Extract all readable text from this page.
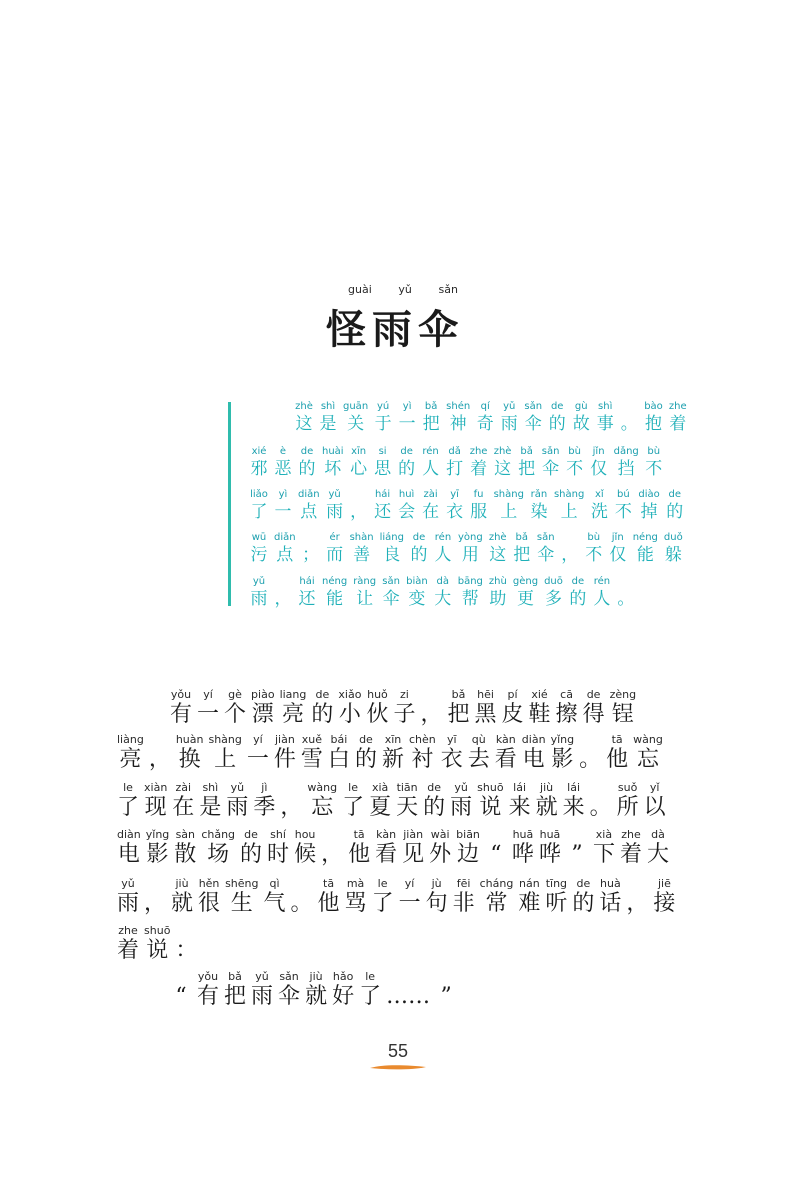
guài yǔ sǎn
怪雨伞
zhè
这
shì
是
guān
关
yú
于
yì
一
bǎ
把
shén
神
qí
奇
yǔ
雨
sǎn
伞
de
的
gù
故
shì
事 。
bào
抱
zhe
着
xié
邪
è
恶
de
的
huài
坏
xīn
心
si
思
de
的
rén
人
dǎ
打
zhe
着
zhè
这
bǎ
把
sǎn
伞
bù
不
jǐn
仅
dǎng
挡
bù
不
liǎo
了
yì
一
diǎn
点
yǔ
雨 ，
hái
还
huì
会
zài
在
yī
衣
fu
服
shàng
上
rǎn
染
shàng
上
xǐ
洗
bú
不
diào
掉
de
的
wū
污
diǎn
点 ；
ér
而
shàn
善
liáng
良
de
的
rén
人
yòng
用
zhè
这
bǎ
把
sǎn
伞 ，
bù
不
jǐn
仅
néng
能
duǒ
躲
yǔ
雨 ，
hái
还
néng
能
ràng
让
sǎn
伞
biàn
变
dà
大
bāng
帮
zhù
助
gèng
更
duō
多
de
的
rén
人 。
yǒu
有
yí
一
gè
个
piào
漂
liang
亮
de
的
xiǎo
小
huǒ
伙
zi
子 ，
bǎ
把
hēi
黑
pí
皮
xié
鞋
cā
擦
de
得
zèng
锃
liàng
亮 ，
huàn
换
shàng
上
yí
一
jiàn
件
xuě
雪
bái
白
de
的
xīn
新
chèn
衬
yī
衣
qù
去
kàn
看
diàn
电
yǐng
影 。
tā
他
wàng
忘
le
了
xiàn
现
zài
在
shì
是
yǔ
雨
jì
季 ，
wàng
忘
le
了
xià
夏
tiān
天
de
的
yǔ
雨
shuō
说
lái
来
jiù
就
lái
来 。
suǒ
所
yǐ
以
diàn
电
yǐng
影
sàn
散
chǎng
场
de
的
shí
时
hou
候 ，
tā
他
kàn
看
jiàn
见
wài
外
biān
边 “
huā
哗
huā
哗 ”
xià
下
zhe
着
dà
大
yǔ
雨 ，
jiù
就
hěn
很
shēng
生
qì
气 。
tā
他
mà
骂
le
了
yí
一
jù
句
fēi
非
cháng
常
nán
难
tīng
听
de
的
huà
话 ，
jiē
接
zhe
着
shuō
说 ：
“
yǒu
有
bǎ
把
yǔ
雨
sǎn
伞
jiù
就
hǎo
好
le
了 …… ”
55
